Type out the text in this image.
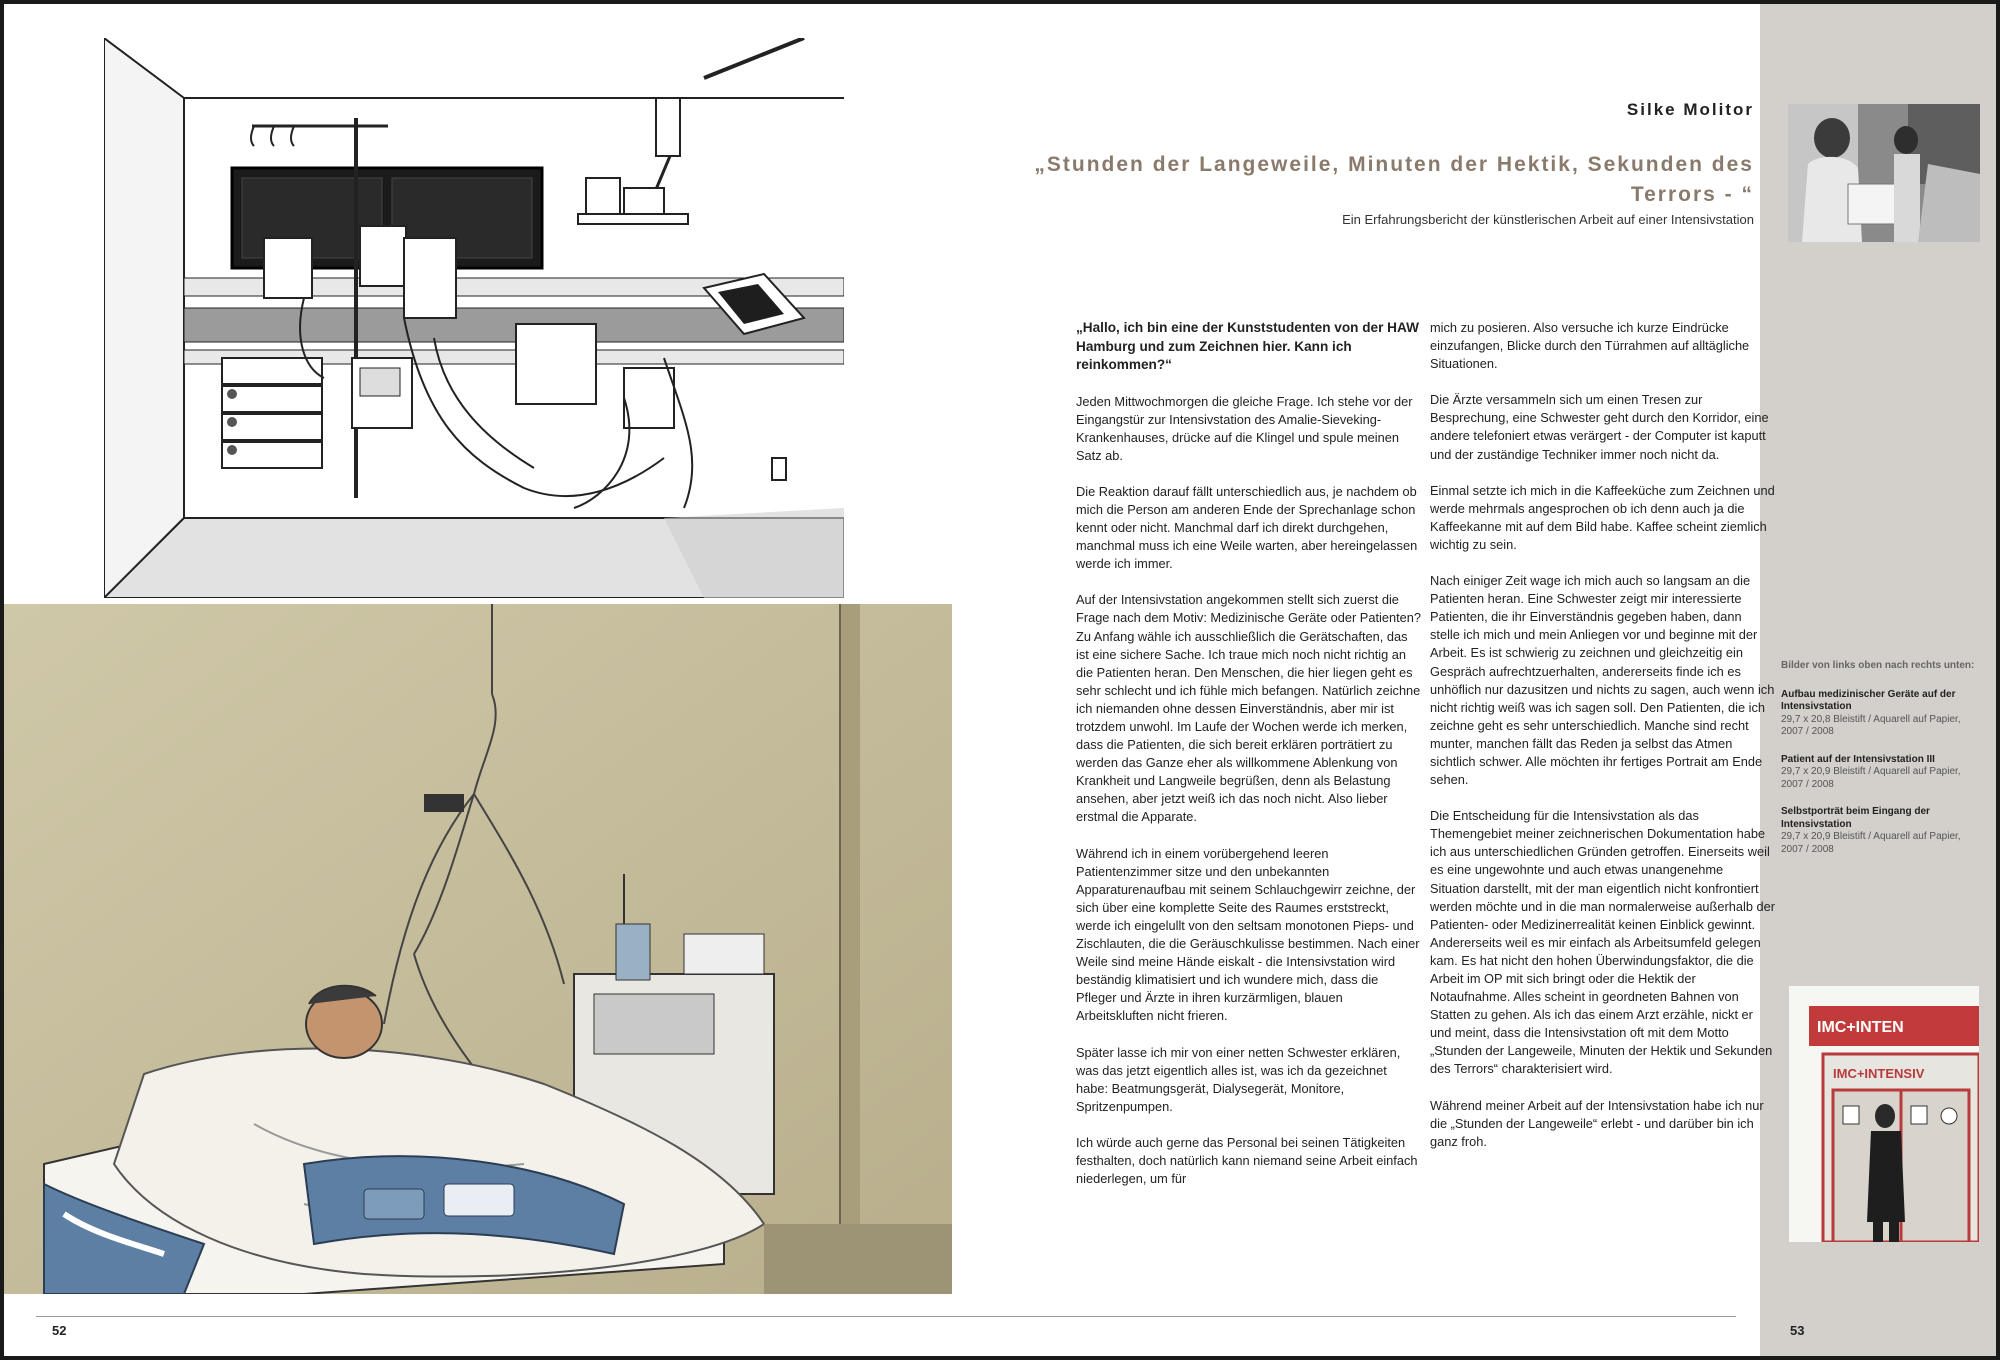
IMC+INTEN
IMC+INTENSIV
Silke Molitor
„Stunden der Langeweile, Minuten der Hektik, Sekunden des Terrors - “
Ein Erfahrungsbericht der künstlerischen Arbeit auf einer Intensivstation

„Hallo, ich bin eine der Kunststudenten von der HAW Hamburg und zum Zeichnen hier. Kann ich reinkommen?“

Jeden Mittwochmorgen die gleiche Frage. Ich stehe vor der Eingangstür zur Intensivstation des Amalie-Sieveking-Krankenhauses, drücke auf die Klingel und spule meinen Satz ab.

Die Reaktion darauf fällt unterschiedlich aus, je nachdem ob mich die Person am anderen Ende der Sprechanlage schon kennt oder nicht. Manchmal darf ich direkt durchgehen, manchmal muss ich eine Weile warten, aber hereingelassen werde ich immer.

Auf der Intensivstation angekommen stellt sich zuerst die Frage nach dem Motiv: Medizinische Geräte oder Patienten? Zu Anfang wähle ich ausschließlich die Gerätschaften, das ist eine sichere Sache. Ich traue mich noch nicht richtig an die Patienten heran. Den Menschen, die hier liegen geht es sehr schlecht und ich fühle mich befangen. Natürlich zeichne ich niemanden ohne dessen Einverständnis, aber mir ist trotzdem unwohl. Im Laufe der Wochen werde ich merken, dass die Patienten, die sich bereit erklären porträtiert zu werden das Ganze eher als willkommene Ablenkung von Krankheit und Langweile begrüßen, denn als Belastung ansehen, aber jetzt weiß ich das noch nicht. Also lieber erstmal die Apparate.

Während ich in einem vorübergehend leeren Patientenzimmer sitze und den unbekannten Apparaturenaufbau mit seinem Schlauchgewirr zeichne, der sich über eine komplette Seite des Raumes erststreckt, werde ich eingelullt von den seltsam monotonen Pieps- und Zischlauten, die die Geräuschkulisse bestimmen. Nach einer Weile sind meine Hände eiskalt - die Intensivstation wird beständig klimatisiert und ich wundere mich, dass die Pfleger und Ärzte in ihren kurzärmligen, blauen Arbeitskluften nicht frieren.

Später lasse ich mir von einer netten Schwester erklären, was das jetzt eigentlich alles ist, was ich da gezeichnet habe: Beatmungsgerät, Dialysegerät, Monitore, Spritzenpumpen.

Ich würde auch gerne das Personal bei seinen Tätigkeiten festhalten, doch natürlich kann niemand seine Arbeit einfach niederlegen, um für

mich zu posieren. Also versuche ich kurze Eindrücke einzufangen, Blicke durch den Türrahmen auf alltägliche Situationen.

Die Ärzte versammeln sich um einen Tresen zur Besprechung, eine Schwester geht durch den Korridor, eine andere telefoniert etwas verärgert - der Computer ist kaputt und der zuständige Techniker immer noch nicht da.

Einmal setzte ich mich in die Kaffeeküche zum Zeichnen und werde mehrmals angesprochen ob ich denn auch ja die Kaffeekanne mit auf dem Bild habe. Kaffee scheint ziemlich wichtig zu sein.

Nach einiger Zeit wage ich mich auch so langsam an die Patienten heran. Eine Schwester zeigt mir interessierte Patienten, die ihr Einverständnis gegeben haben, dann stelle ich mich und mein Anliegen vor und beginne mit der Arbeit. Es ist schwierig zu zeichnen und gleichzeitig ein Gespräch aufrechtzuerhalten, andererseits finde ich es unhöflich nur dazusitzen und nichts zu sagen, auch wenn ich nicht richtig weiß was ich sagen soll. Den Patienten, die ich zeichne geht es sehr unterschiedlich. Manche sind recht munter, manchen fällt das Reden ja selbst das Atmen sichtlich schwer. Alle möchten ihr fertiges Portrait am Ende sehen.

Die Entscheidung für die Intensivstation als das Themengebiet meiner zeichnerischen Dokumentation habe ich aus unterschiedlichen Gründen getroffen. Einerseits weil es eine ungewohnte und auch etwas unangenehme Situation darstellt, mit der man eigentlich nicht konfrontiert werden möchte und in die man normalerweise außerhalb der Patienten- oder Medizinerrealität keinen Einblick gewinnt. Andererseits weil es mir einfach als Arbeitsumfeld gelegen kam. Es hat nicht den hohen Überwindungsfaktor, die die Arbeit im OP mit sich bringt oder die Hektik der Notaufnahme. Alles scheint in geordneten Bahnen von Statten zu gehen. Als ich das einem Arzt erzähle, nickt er und meint, dass die Intensivstation oft mit dem Motto „Stunden der Langeweile, Minuten der Hektik und Sekunden des Terrors“ charakterisiert wird.

Während meiner Arbeit auf der Intensivstation habe ich nur die „Stunden der Langeweile“ erlebt - und darüber bin ich ganz froh.

Bilder von links oben nach rechts unten:
Aufbau medizinischer Geräte auf der Intensivstation
29,7 x 20,8 Bleistift / Aquarell auf Papier, 2007 / 2008
Patient auf der Intensivstation III
29,7 x 20,9 Bleistift / Aquarell auf Papier, 2007 / 2008
Selbstporträt beim Eingang der Intensivstation
29,7 x 20,9 Bleistift / Aquarell auf Papier, 2007 / 2008
52	53
